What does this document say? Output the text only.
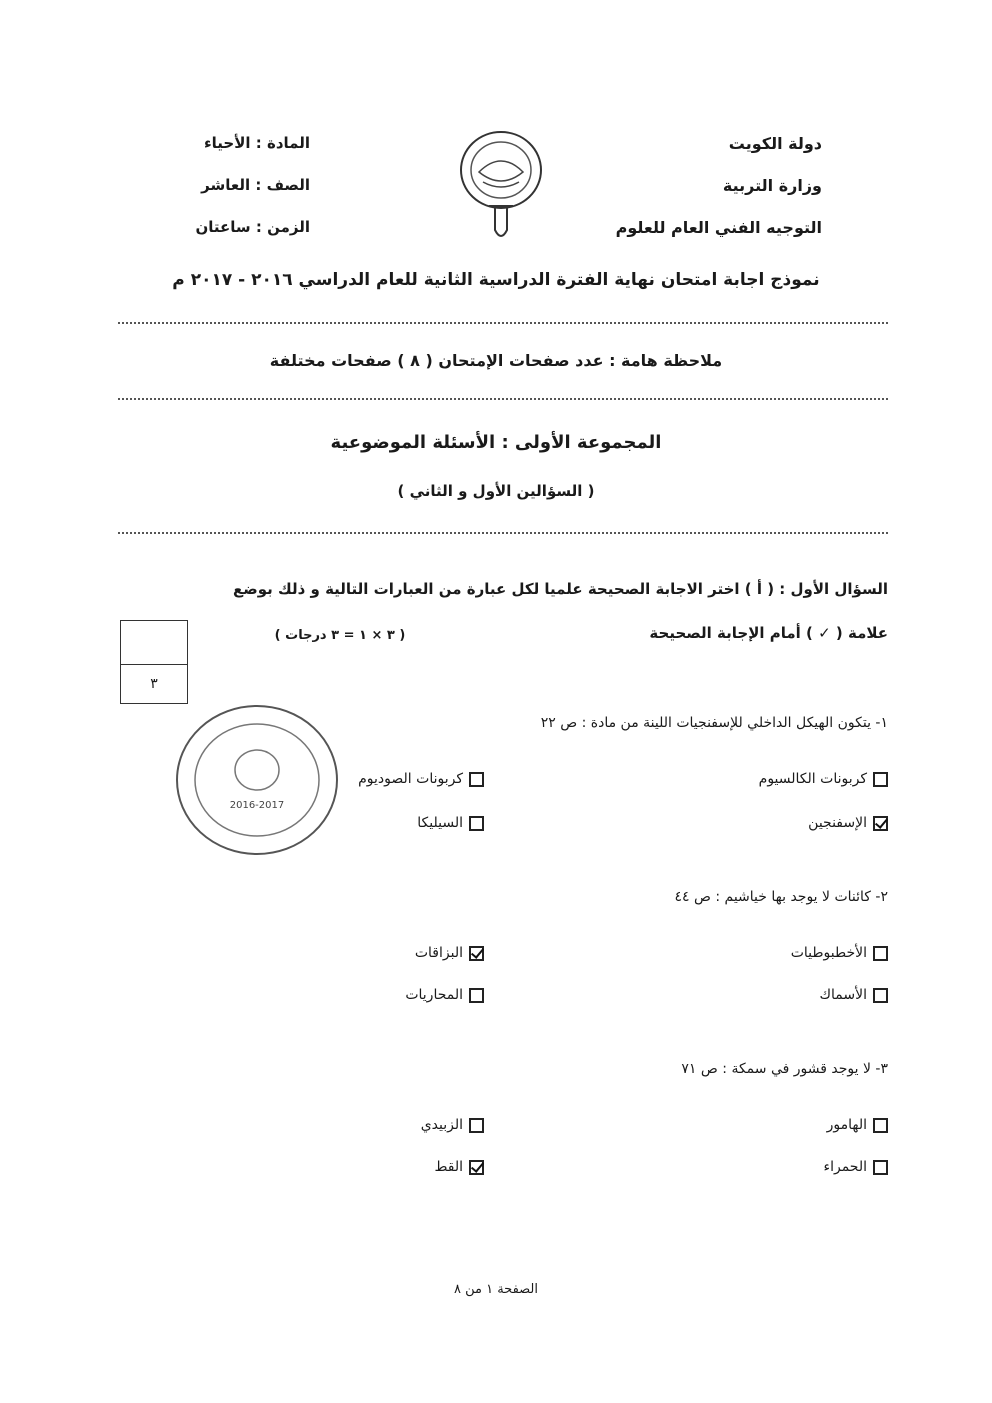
دولة الكويت
وزارة التربية
التوجيه الفني العام للعلوم
المادة : الأحياء
الصف : العاشر
الزمن : ساعتان
نموذج اجابة امتحان نهاية الفترة الدراسية الثانية للعام الدراسي ٢٠١٦ - ٢٠١٧ م
ملاحظة هامة : عدد صفحات الإمتحان ( ٨ ) صفحات مختلفة
المجموعة الأولى : الأسئلة الموضوعية
( السؤالين الأول و الثاني )
السؤال الأول : ( أ ) اختر الاجابة الصحيحة علميا لكل عبارة من العبارات التالية و ذلك بوضع
علامة ( ✓ ) أمام الإجابة الصحيحة
( ٣ × ١ = ٣ درجات )
٣
2016-2017
١- يتكون الهيكل الداخلي للإسفنجيات اللينة من مادة : ص ٢٢
كربونات الكالسيوم
كربونات الصوديوم
الإسفنجين
السيليكا
٢- كائنات لا يوجد بها خياشيم : ص ٤٤
الأخطبوطيات
البزاقات
الأسماك
المحاريات
٣- لا يوجد قشور في سمكة : ص ٧١
الهامور
الزبيدي
الحمراء
القط
الصفحة ١ من ٨
